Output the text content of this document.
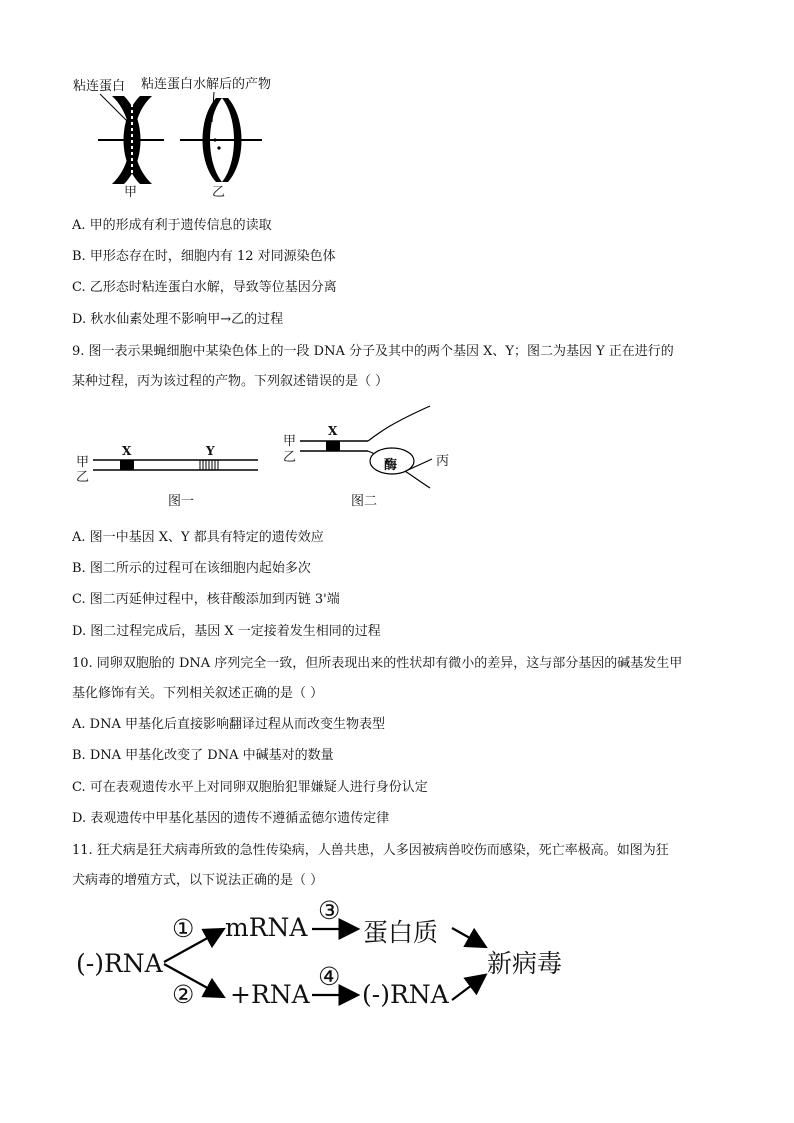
粘连蛋白 粘连蛋白水解后的产物
甲	乙
A. 甲的形成有利于遗传信息的读取
B. 甲形态存在时，细胞内有 12 对同源染色体
C. 乙形态时粘连蛋白水解，导致等位基因分离
D. 秋水仙素处理不影响甲→乙的过程
9. 图一表示果蝇细胞中某染色体上的一段 DNA 分子及其中的两个基因 X、Y；图二为基因 Y 正在进行的
某种过程，丙为该过程的产物。下列叙述错误的是（ ）
甲
乙
X	Y
甲
乙
X
酶	丙
图一	图二
A. 图一中基因 X、Y 都具有特定的遗传效应
B. 图二所示的过程可在该细胞内起始多次
C. 图二丙延伸过程中，核苷酸添加到丙链 3'端
D. 图二过程完成后，基因 X 一定接着发生相同的过程
10. 同卵双胞胎的 DNA 序列完全一致，但所表现出来的性状却有微小的差异，这与部分基因的碱基发生甲
基化修饰有关。下列相关叙述正确的是（ ）
A. DNA 甲基化后直接影响翻译过程从而改变生物表型
B. DNA 甲基化改变了 DNA 中碱基对的数量
C. 可在表观遗传水平上对同卵双胞胎犯罪嫌疑人进行身份认定
D. 表观遗传中甲基化基因的遗传不遵循孟德尔遗传定律
11. 狂犬病是狂犬病毒所致的急性传染病，人兽共患，人多因被病兽咬伤而感染，死亡率极高。如图为狂
犬病毒的增殖方式，以下说法正确的是（ ）
(-)RNA
①
②
mRNA
③
蛋白质
+RNA
④
(-)RNA
新病毒
